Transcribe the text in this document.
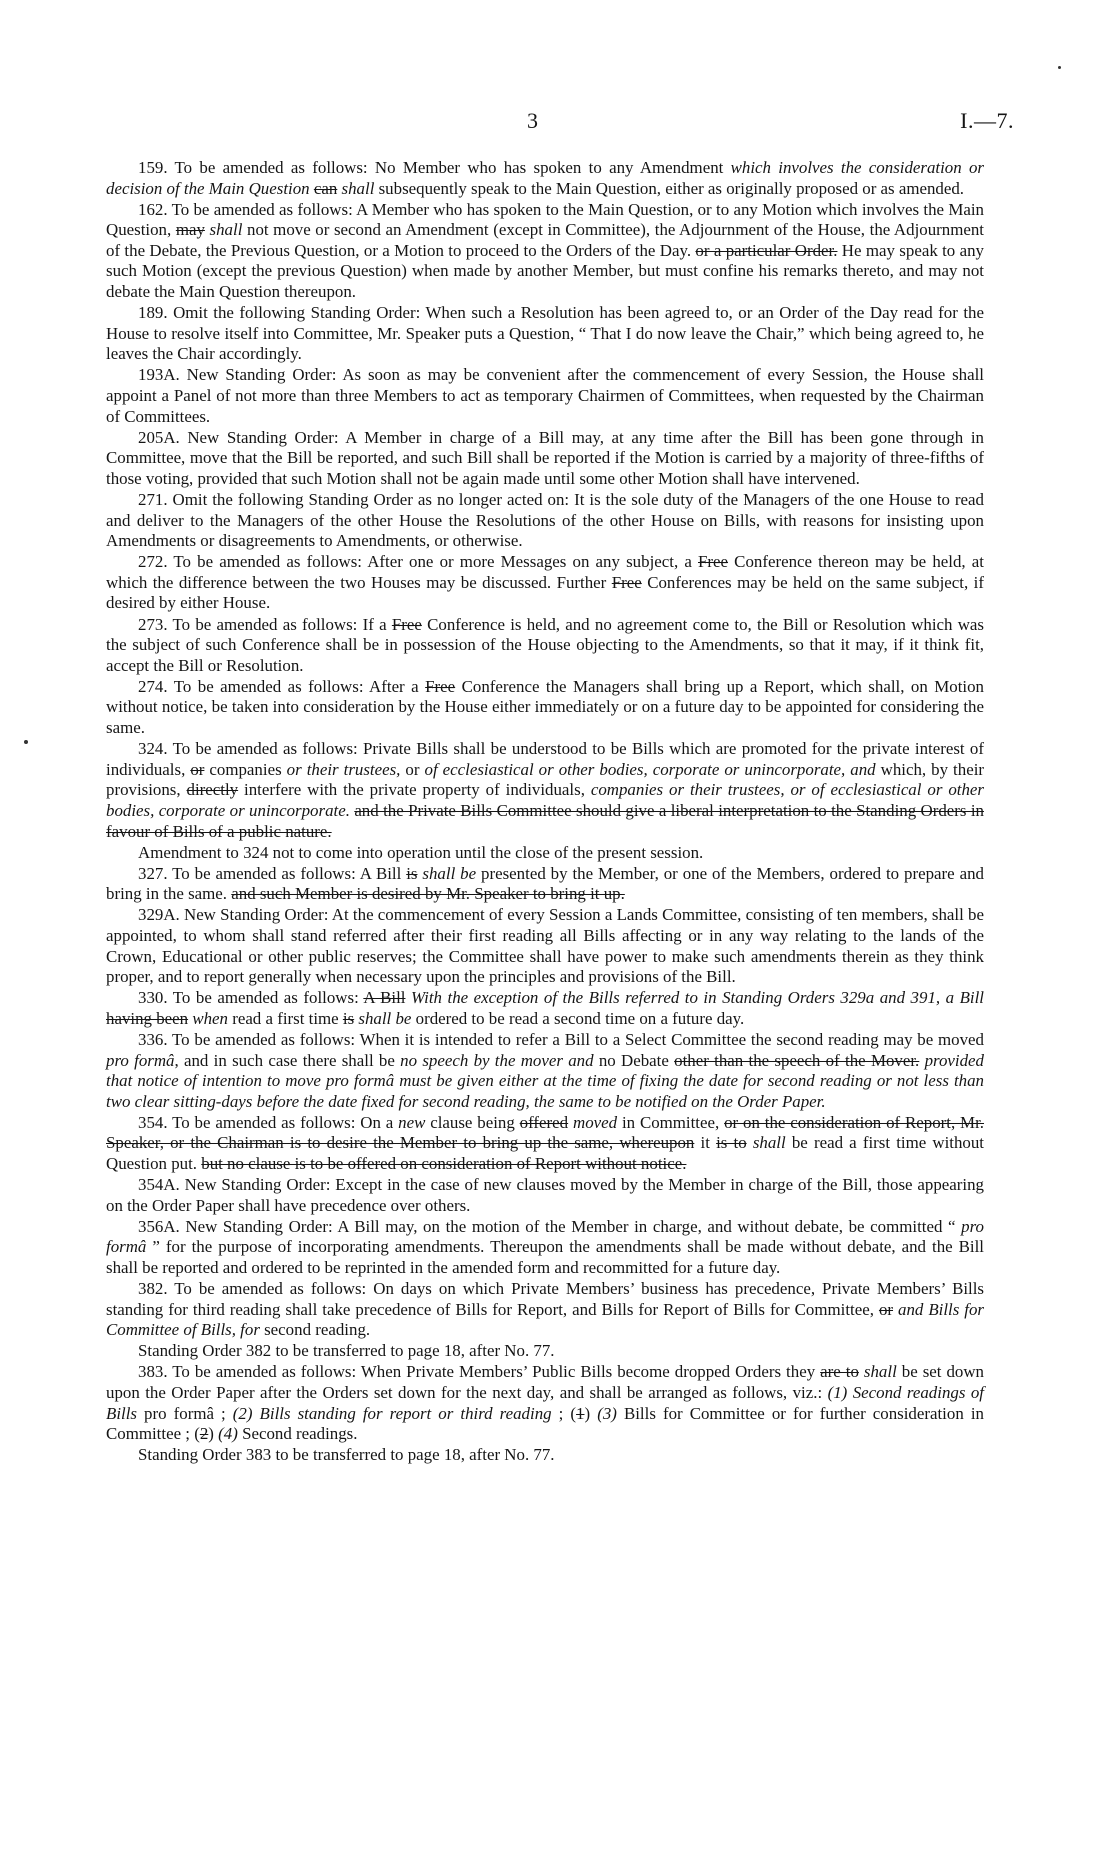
3	I.—7.

159. To be amended as follows: No Member who has spoken to any Amendment which involves the consideration or decision of the Main Question can shall subsequently speak to the Main Question, either as originally proposed or as amended.

162. To be amended as follows: A Member who has spoken to the Main Question, or to any Motion which involves the Main Question, may shall not move or second an Amendment (except in Committee), the Adjournment of the House, the Adjournment of the Debate, the Previous Question, or a Motion to proceed to the Orders of the Day. or a particular Order. He may speak to any such Motion (except the previous Question) when made by another Member, but must confine his remarks thereto, and may not debate the Main Question thereupon.

189. Omit the following Standing Order: When such a Resolution has been agreed to, or an Order of the Day read for the House to resolve itself into Committee, Mr. Speaker puts a Question, “ That I do now leave the Chair,” which being agreed to, he leaves the Chair accordingly.

193A. New Standing Order: As soon as may be convenient after the commencement of every Session, the House shall appoint a Panel of not more than three Members to act as temporary Chairmen of Committees, when requested by the Chairman of Committees.

205A. New Standing Order: A Member in charge of a Bill may, at any time after the Bill has been gone through in Committee, move that the Bill be reported, and such Bill shall be reported if the Motion is carried by a majority of three-fifths of those voting, provided that such Motion shall not be again made until some other Motion shall have intervened.

271. Omit the following Standing Order as no longer acted on: It is the sole duty of the Managers of the one House to read and deliver to the Managers of the other House the Resolutions of the other House on Bills, with reasons for insisting upon Amendments or disagreements to Amendments, or otherwise.

272. To be amended as follows: After one or more Messages on any subject, a Free Conference thereon may be held, at which the difference between the two Houses may be discussed. Further Free Conferences may be held on the same subject, if desired by either House.

273. To be amended as follows: If a Free Conference is held, and no agreement come to, the Bill or Resolution which was the subject of such Conference shall be in possession of the House objecting to the Amendments, so that it may, if it think fit, accept the Bill or Resolution.

274. To be amended as follows: After a Free Conference the Managers shall bring up a Report, which shall, on Motion without notice, be taken into consideration by the House either immediately or on a future day to be appointed for considering the same.

324. To be amended as follows: Private Bills shall be understood to be Bills which are promoted for the private interest of individuals, or companies or their trustees, or of ecclesiastical or other bodies, corporate or unincorporate, and which, by their provisions, directly interfere with the private property of individuals, companies or their trustees, or of ecclesiastical or other bodies, corporate or unincorporate. and the Private Bills Committee should give a liberal interpretation to the Standing Orders in favour of Bills of a public nature.

Amendment to 324 not to come into operation until the close of the present session.

327. To be amended as follows: A Bill is shall be presented by the Member, or one of the Members, ordered to prepare and bring in the same. and such Member is desired by Mr. Speaker to bring it up.

329A. New Standing Order: At the commencement of every Session a Lands Committee, consisting of ten members, shall be appointed, to whom shall stand referred after their first reading all Bills affecting or in any way relating to the lands of the Crown, Educational or other public reserves; the Committee shall have power to make such amendments therein as they think proper, and to report generally when necessary upon the principles and provisions of the Bill.

330. To be amended as follows: A Bill With the exception of the Bills referred to in Standing Orders 329a and 391, a Bill having been when read a first time is shall be ordered to be read a second time on a future day.

336. To be amended as follows: When it is intended to refer a Bill to a Select Committee the second reading may be moved pro formâ, and in such case there shall be no speech by the mover and no Debate other than the speech of the Mover. provided that notice of intention to move pro formâ must be given either at the time of fixing the date for second reading or not less than two clear sitting-days before the date fixed for second reading, the same to be notified on the Order Paper.

354. To be amended as follows: On a new clause being offered moved in Committee, or on the consideration of Report, Mr. Speaker, or the Chairman is to desire the Member to bring up the same, whereupon it is to shall be read a first time without Question put. but no clause is to be offered on consideration of Report without notice.

354A. New Standing Order: Except in the case of new clauses moved by the Member in charge of the Bill, those appearing on the Order Paper shall have precedence over others.

356A. New Standing Order: A Bill may, on the motion of the Member in charge, and without debate, be committed “ pro formâ ” for the purpose of incorporating amendments. Thereupon the amendments shall be made without debate, and the Bill shall be reported and ordered to be reprinted in the amended form and recommitted for a future day.

382. To be amended as follows: On days on which Private Members’ business has precedence, Private Members’ Bills standing for third reading shall take precedence of Bills for Report, and Bills for Report of Bills for Committee, or and Bills for Committee of Bills, for second reading.

Standing Order 382 to be transferred to page 18, after No. 77.

383. To be amended as follows: When Private Members’ Public Bills become dropped Orders they are to shall be set down upon the Order Paper after the Orders set down for the next day, and shall be arranged as follows, viz.: (1) Second readings of Bills pro formâ ; (2) Bills standing for report or third reading ; (1) (3) Bills for Committee or for further consideration in Committee ; (2) (4) Second readings.

Standing Order 383 to be transferred to page 18, after No. 77.
